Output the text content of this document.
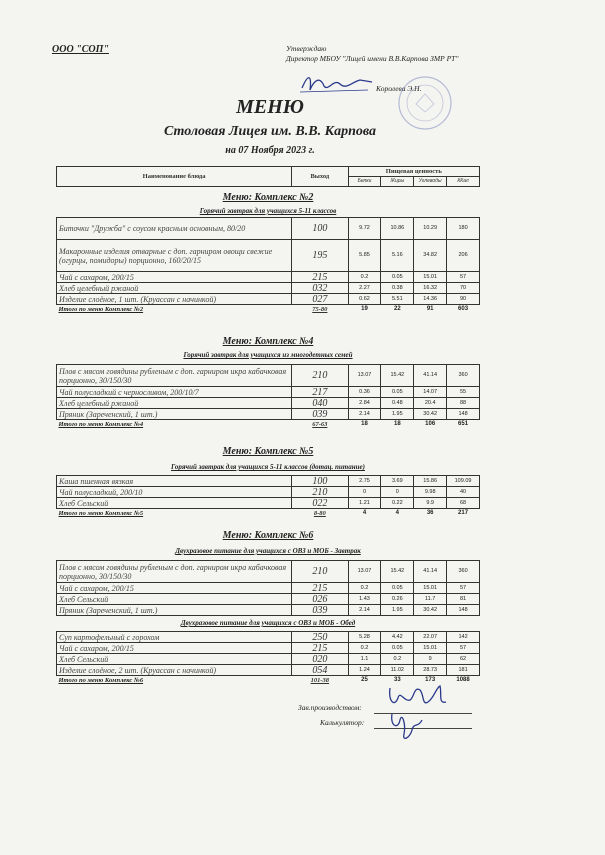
ООО "СОП"	Утверждаю
Директор МБОУ "Лицей имени В.В.Карпова ЗМР РТ"
Королева Э.Н.
МЕНЮ
Столовая Лицея им. В.В. Карпова
на 07 Ноября 2023 г.
Наименование блюда	Выход	Пищевая ценность			
		Белки	Жиры	Углеводы	ККал
Меню: Комплекс №2
Горячий завтрак для учащихся 5-11 классов
Биточки "Дружба" с соусом красным основным, 80/20	100	9.72	10.86	10.29	180
Макаронные изделия отварные с доп. гарниром овощи свежие (огурцы, помидоры) порционно, 160/20/15	195	5.85	5.16	34.82	206
Чай с сахаром, 200/15	215	0.2	0.05	15.01	57
Хлеб целебный ржаной	032	2.27	0.38	16.32	70
Изделие слоёное, 1 шт. (Круассан с начинкой)	027	0.62	5.51	14.36	90
Итого по меню Комплекс №2	75-80	19	22	91	603
Меню: Комплекс №4
Горячий завтрак для учащихся из многодетных семей
Плов с мясом говядины рубленым с доп. гарниром икра кабачковая порционно, 30/150/30	210	13.07	15.42	41.14	360
Чай полусладкий с черносливом, 200/10/7	217	0.36	0.05	14.07	55
Хлеб целебный ржаной	040	2.84	0.48	20.4	88
Пряник (Зареченский, 1 шт.)	039	2.14	1.95	30.42	148
Итого по меню Комплекс №4	67-63	18	18	106	651
Меню: Комплекс №5
Горячий завтрак для учащихся 5-11 классов (дотац. питание)
Каша пшенная вязкая	100	2.75	3.69	15.86	109.09
Чай полусладкий, 200/10	210	0	0	9.98	40
Хлеб Сельский	022	1.21	0.22	9.9	68
Итого по меню Комплекс №5	8-80	4	4	36	217
Меню: Комплекс №6
Двухразовое питание для учащихся с ОВЗ и МОБ - Завтрак
Плов с мясом говядины рубленым с доп. гарниром икра кабачковая порционно, 30/150/30	210	13.07	15.42	41.14	360
Чай с сахаром, 200/15	215	0.2	0.05	15.01	57
Хлеб Сельский	026	1.43	0.26	11.7	81
Пряник (Зареченский, 1 шт.)	039	2.14	1.95	30.42	148
Двухразовое питание для учащихся с ОВЗ и МОБ - Обед
Суп картофельный с горохом	250	5.28	4.42	22.07	142
Чай с сахаром, 200/15	215	0.2	0.05	15.01	57
Хлеб Сельский	020	1.1	0.2	9	62
Изделие слоёное, 2 шт. (Круассан с начинкой)	054	1.24	11.02	28.73	181
Итого по меню Комплекс №6	101-38	25	33	173	1088
Зав.производством:
Калькулятор:
